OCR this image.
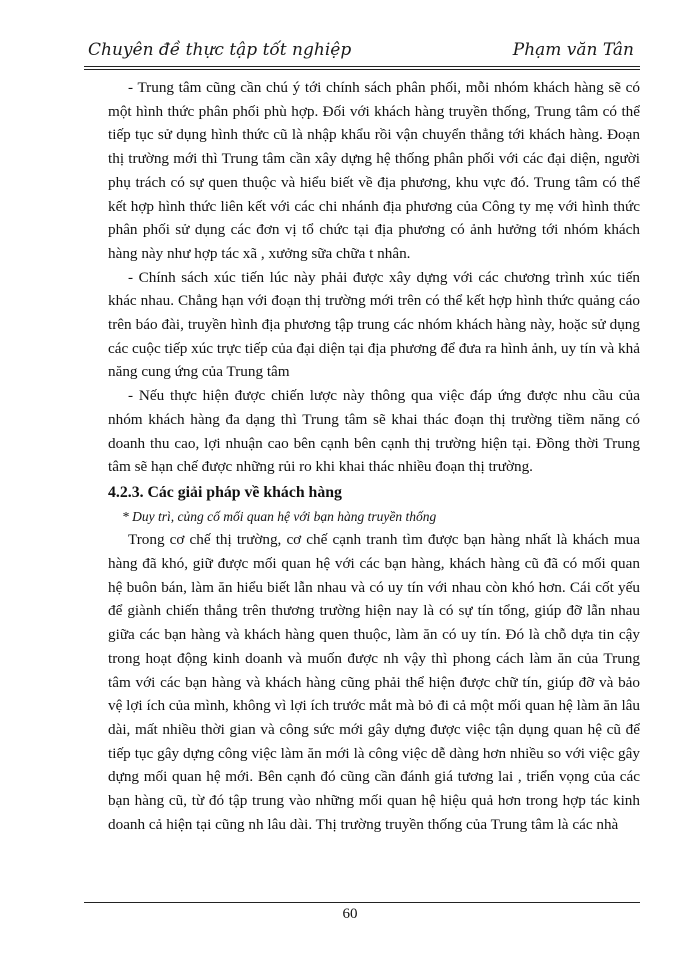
Chuyên đề thực tập tốt nghiệp	Phạm văn Tân

- Trung tâm cũng cần chú ý tới chính sách phân phối, mỗi nhóm khách hàng sẽ có một hình thức phân phối phù hợp. Đối với khách hàng truyền thống, Trung tâm có thể tiếp tục sử dụng hình thức cũ là nhập khẩu rồi vận chuyển thẳng tới khách hàng. Đoạn thị trường mới thì Trung tâm cần xây dựng hệ thống phân phối với các đại diện, người phụ trách có sự quen thuộc và hiểu biết về địa phương, khu vực đó. Trung tâm có thể kết hợp hình thức liên kết với các chi nhánh địa phương của Công ty mẹ với hình thức phân phối sử dụng các đơn vị tổ chức tại địa phương có ảnh hưởng tới nhóm khách hàng này như hợp tác xã , xưởng sữa chữa t nhân.

- Chính sách xúc tiến lúc này phải được xây dựng với các chương trình xúc tiến khác nhau. Chẳng hạn với đoạn thị trường mới trên có thể kết hợp hình thức quảng cáo trên báo đài, truyền hình địa phương tập trung các nhóm khách hàng này, hoặc sử dụng các cuộc tiếp xúc trực tiếp của đại diện tại địa phương để đưa ra hình ảnh, uy tín và khả năng cung ứng của Trung tâm

- Nếu thực hiện được chiến lược này thông qua việc đáp ứng được nhu cầu của nhóm khách hàng đa dạng thì Trung tâm sẽ khai thác đoạn thị trường tiềm năng có doanh thu cao, lợi nhuận cao bên cạnh bên cạnh thị trường hiện tại. Đồng thời Trung tâm sẽ hạn chế được những rủi ro khi khai thác nhiều đoạn thị trường.

4.2.3. Các giải pháp về khách hàng

* Duy trì, củng cố mối quan hệ với bạn hàng truyền thống

Trong cơ chế thị trường, cơ chế cạnh tranh tìm được bạn hàng nhất là khách mua hàng đã khó, giữ được mối quan hệ với các bạn hàng, khách hàng cũ đã có mối quan hệ buôn bán, làm ăn hiểu biết lẫn nhau và có uy tín với nhau còn khó hơn. Cái cốt yếu để giành chiến thắng trên thương trường hiện nay là có sự tín tổng, giúp đỡ lẫn nhau giữa các bạn hàng và khách hàng quen thuộc, làm ăn có uy tín. Đó là chỗ dựa tin cậy trong hoạt động kinh doanh và muốn được nh vậy thì phong cách làm ăn của Trung tâm với các bạn hàng và khách hàng cũng phải thể hiện được chữ tín, giúp đỡ và bảo vệ lợi ích của mình, không vì lợi ích trước mắt mà bỏ đi cả một mối quan hệ làm ăn lâu dài, mất nhiều thời gian và công sức mới gây dựng được việc tận dụng quan hệ cũ để tiếp tục gây dựng công việc làm ăn mới là công việc dễ dàng hơn nhiều so với việc gây dựng mối quan hệ mới. Bên cạnh đó cũng cần đánh giá tương lai , triển vọng của các bạn hàng cũ, từ đó tập trung vào những mối quan hệ hiệu quả hơn trong hợp tác kinh doanh cả hiện tại cũng nh lâu dài. Thị trường truyền thống của Trung tâm là các nhà

60
